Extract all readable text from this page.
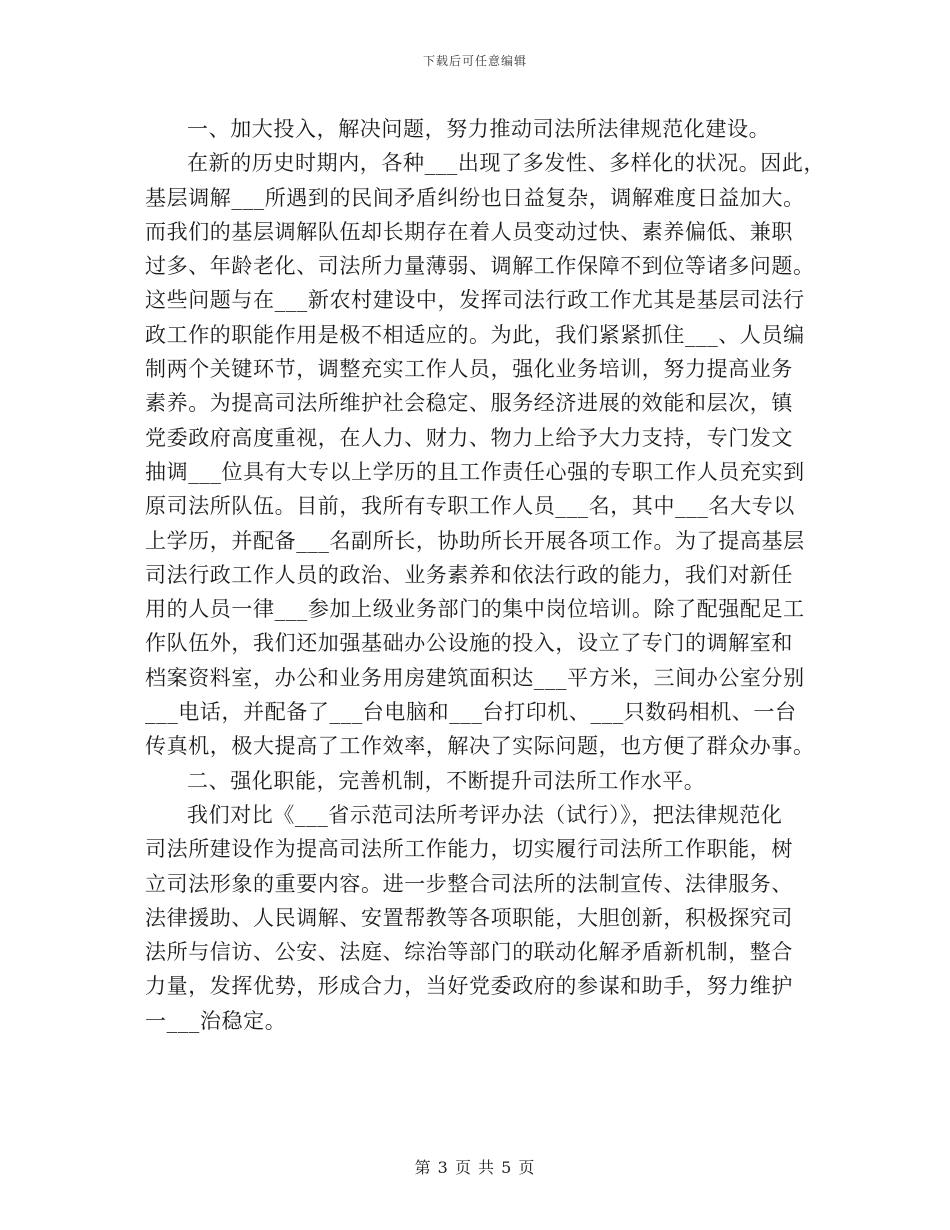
下载后可任意编辑
一、加大投入，解决问题，努力推动司法所法律规范化建设。
在新的历史时期内，各种___出现了多发性、多样化的状况。因此，
基层调解___所遇到的民间矛盾纠纷也日益复杂，调解难度日益加大。
而我们的基层调解队伍却长期存在着人员变动过快、素养偏低、兼职
过多、年龄老化、司法所力量薄弱、调解工作保障不到位等诸多问题。
这些问题与在___新农村建设中，发挥司法行政工作尤其是基层司法行
政工作的职能作用是极不相适应的。为此，我们紧紧抓住___、人员编
制两个关键环节，调整充实工作人员，强化业务培训，努力提高业务
素养。为提高司法所维护社会稳定、服务经济进展的效能和层次，镇
党委政府高度重视，在人力、财力、物力上给予大力支持，专门发文
抽调___位具有大专以上学历的且工作责任心强的专职工作人员充实到
原司法所队伍。目前，我所有专职工作人员___名，其中___名大专以
上学历，并配备___名副所长，协助所长开展各项工作。为了提高基层
司法行政工作人员的政治、业务素养和依法行政的能力，我们对新任
用的人员一律___参加上级业务部门的集中岗位培训。除了配强配足工
作队伍外，我们还加强基础办公设施的投入，设立了专门的调解室和
档案资料室，办公和业务用房建筑面积达___平方米，三间办公室分别
___电话，并配备了___台电脑和___台打印机、___只数码相机、一台
传真机，极大提高了工作效率，解决了实际问题，也方便了群众办事。
二、强化职能，完善机制，不断提升司法所工作水平。
我们对比《___省示范司法所考评办法（试行）》，把法律规范化
司法所建设作为提高司法所工作能力，切实履行司法所工作职能，树
立司法形象的重要内容。进一步整合司法所的法制宣传、法律服务、
法律援助、人民调解、安置帮教等各项职能，大胆创新，积极探究司
法所与信访、公安、法庭、综治等部门的联动化解矛盾新机制，整合
力量，发挥优势，形成合力，当好党委政府的参谋和助手，努力维护
一___治稳定。
第 3 页 共 5 页
